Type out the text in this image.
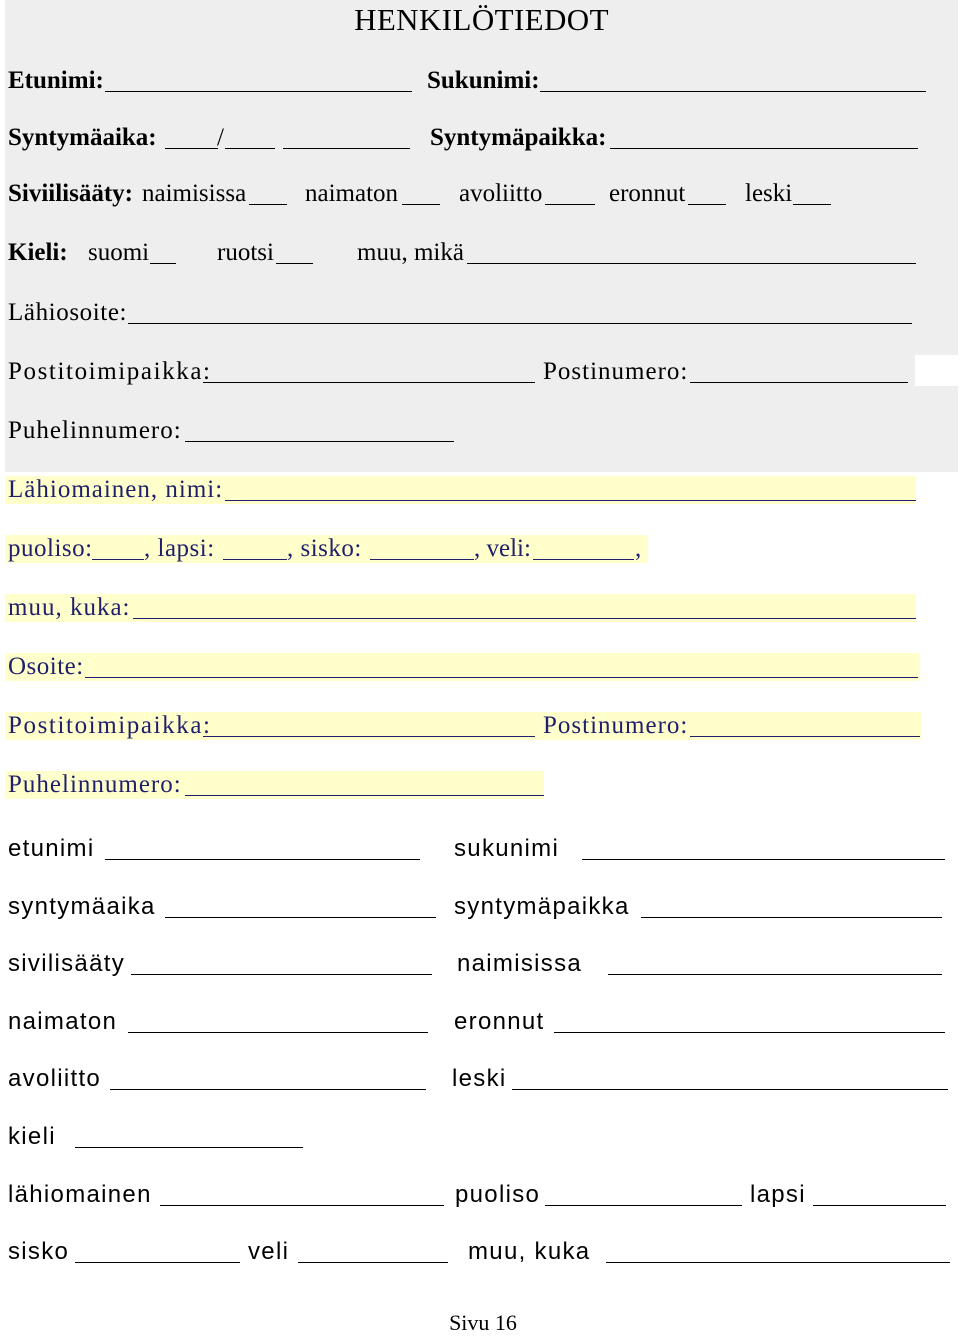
HENKILÖTIEDOT
Etunimi:	Sukunimi:
Syntymäaika: /	Syntymäpaikka:
Siviilisääty: naimisissa naimaton avoliitto	eronnut leski
Kieli: suomi	ruotsi	muu, mikä
Lähiosoite:
Postitoimipaikka:	Postinumero:
Puhelinnumero:
Lähiomainen, nimi:
puoliso: , lapsi:	, sisko:	, veli:	,
muu, kuka:
Osoite:
Postitoimipaikka:	Postinumero:
Puhelinnumero:
etunimi	sukunimi
syntymäaika	syntymäpaikka
sivilisääty	naimisissa
naimaton	eronnut
avoliitto	leski
kieli
lähiomainen	puoliso	lapsi
sisko	veli	muu, kuka
Sivu 16
